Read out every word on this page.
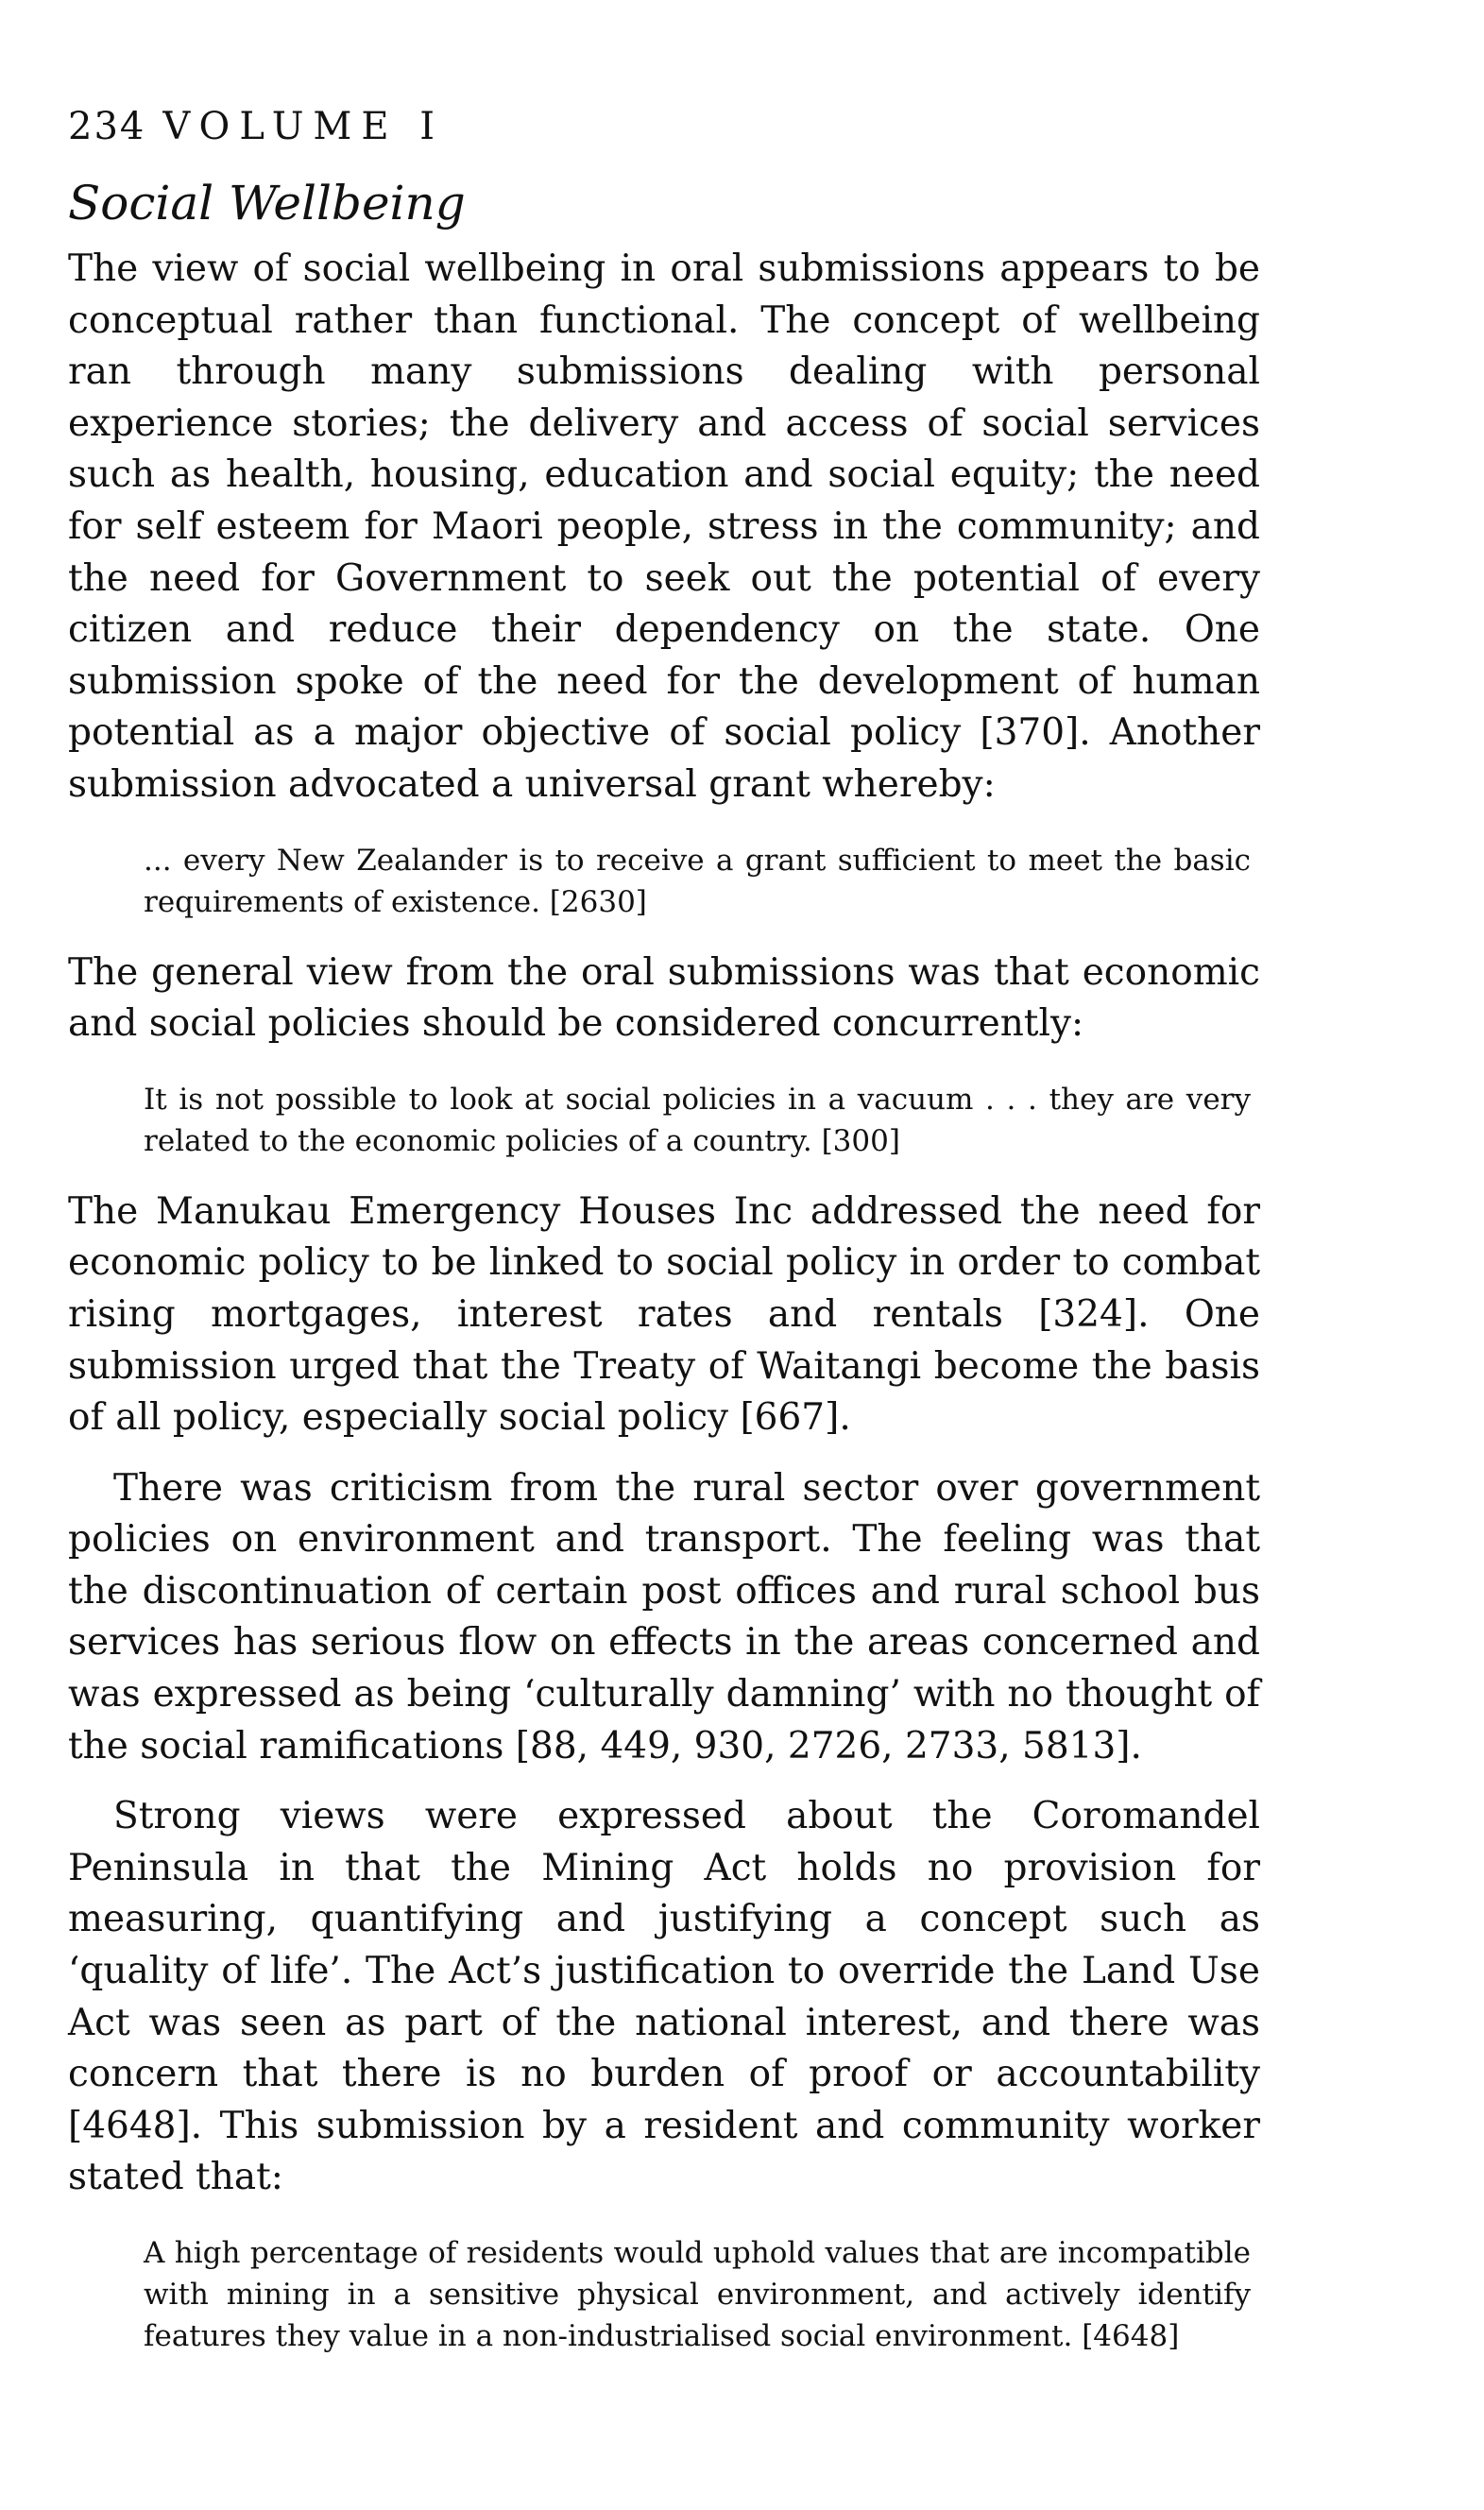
234 VOLUME I
Social Wellbeing

The view of social wellbeing in oral submissions appears to be conceptual rather than functional. The concept of wellbeing ran through many submissions dealing with personal experience stories; the delivery and access of social services such as health, housing, education and social equity; the need for self esteem for Maori people, stress in the community; and the need for Government to seek out the potential of every citizen and reduce their dependency on the state. One submission spoke of the need for the development of human potential as a major objective of social policy [370]. Another submission advocated a universal grant whereby:

... every New Zealander is to receive a grant sufficient to meet the basic requirements of existence. [2630]

The general view from the oral submissions was that economic and social policies should be considered concurrently:

It is not possible to look at social policies in a vacuum . . . they are very related to the economic policies of a country. [300]

The Manukau Emergency Houses Inc addressed the need for economic policy to be linked to social policy in order to combat rising mortgages, interest rates and rentals [324]. One submission urged that the Treaty of Waitangi become the basis of all policy, especially social policy [667].

There was criticism from the rural sector over government policies on environment and transport. The feeling was that the discontinuation of certain post offices and rural school bus services has serious flow on effects in the areas concerned and was expressed as being ‘culturally damning’ with no thought of the social ramifications [88, 449, 930, 2726, 2733, 5813].

Strong views were expressed about the Coromandel Peninsula in that the Mining Act holds no provision for measuring, quantifying and justifying a concept such as ‘quality of life’. The Act’s justification to override the Land Use Act was seen as part of the national interest, and there was concern that there is no burden of proof or accountability [4648]. This submission by a resident and community worker stated that:

A high percentage of residents would uphold values that are incompatible with mining in a sensitive physical environment, and actively identify features they value in a non-industrialised social environment. [4648]
